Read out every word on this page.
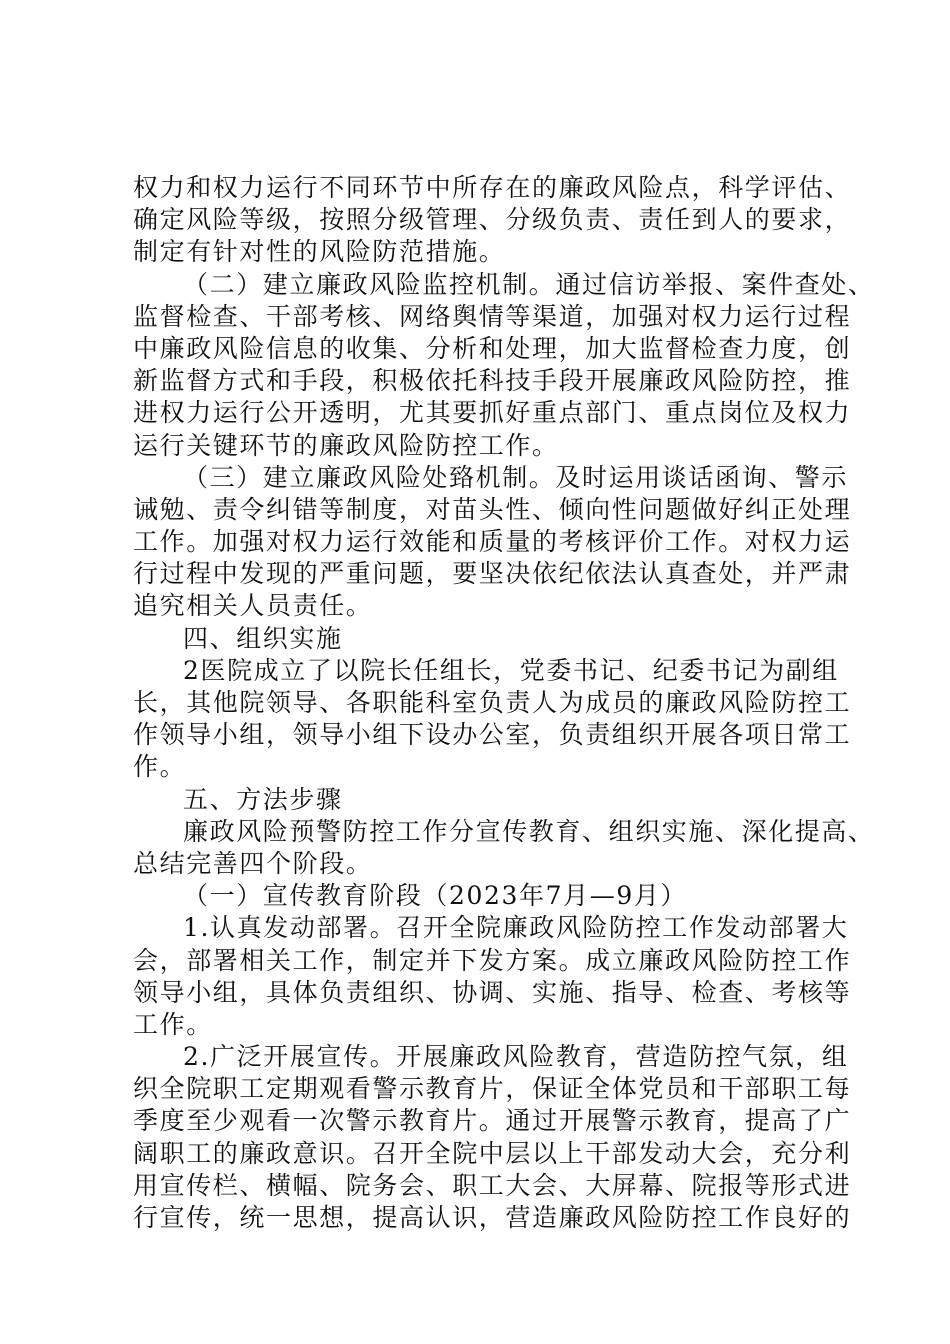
权力和权力运行不同环节中所存在的廉政风险点，科学评估、
确定风险等级，按照分级管理、分级负责、责任到人的要求，
制定有针对性的风险防范措施。
（二）建立廉政风险监控机制。通过信访举报、案件查处、
监督检查、干部考核、网络舆情等渠道，加强对权力运行过程
中廉政风险信息的收集、分析和处理，加大监督检查力度，创
新监督方式和手段，积极依托科技手段开展廉政风险防控，推
进权力运行公开透明，尤其要抓好重点部门、重点岗位及权力
运行关键环节的廉政风险防控工作。
（三）建立廉政风险处臵机制。及时运用谈话函询、警示
诫勉、责令纠错等制度，对苗头性、倾向性问题做好纠正处理
工作。加强对权力运行效能和质量的考核评价工作。对权力运
行过程中发现的严重问题，要坚决依纪依法认真查处，并严肃
追究相关人员责任。
四、组织实施
2医院成立了以院长任组长，党委书记、纪委书记为副组
长，其他院领导、各职能科室负责人为成员的廉政风险防控工
作领导小组，领导小组下设办公室，负责组织开展各项日常工
作。
五、方法步骤
廉政风险预警防控工作分宣传教育、组织实施、深化提高、
总结完善四个阶段。
（一）宣传教育阶段（2023年7月—9月）
1.认真发动部署。召开全院廉政风险防控工作发动部署大
会，部署相关工作，制定并下发方案。成立廉政风险防控工作
领导小组，具体负责组织、协调、实施、指导、检查、考核等
工作。
2.广泛开展宣传。开展廉政风险教育，营造防控气氛，组
织全院职工定期观看警示教育片，保证全体党员和干部职工每
季度至少观看一次警示教育片。通过开展警示教育，提高了广
阔职工的廉政意识。召开全院中层以上干部发动大会，充分利
用宣传栏、横幅、院务会、职工大会、大屏幕、院报等形式进
行宣传，统一思想，提高认识，营造廉政风险防控工作良好的
